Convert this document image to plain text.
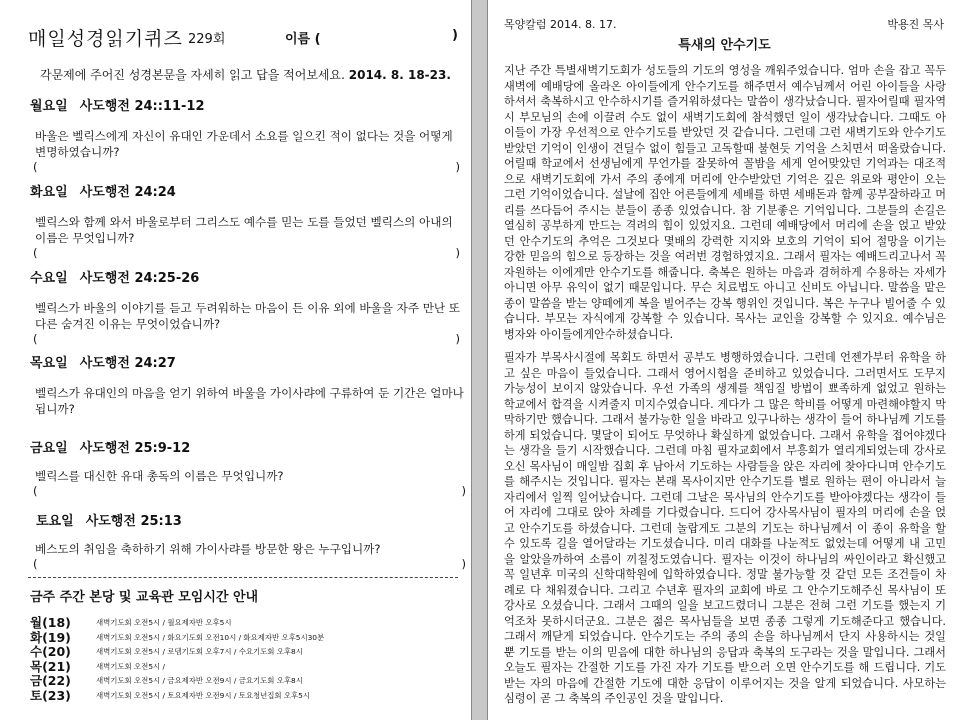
매일성경읽기퀴즈 229회	이름 (	)
각문제에 주어진 성경본문을 자세히 읽고 답을 적어보세요. 2014. 8. 18-23.
월요일 사도행전 24::11-12
바울은 벨릭스에게 자신이 유대인 가운데서 소요를 일으킨 적이 없다는 것을 어떻게 변명하였습니까?
(	)
화요일 사도행전 24:24
벨릭스와 함께 와서 바울로부터 그리스도 예수를 믿는 도를 들었던 벨릭스의 아내의 이름은 무엇입니까?
(	)
수요일 사도행전 24:25-26
벨릭스가 바울의 이야기를 듣고 두려워하는 마음이 든 이유 외에 바울을 자주 만난 또 다른 숨겨진 이유는 무엇이었습니까?
(	)
목요일 사도행전 24:27
벨릭스가 유대인의 마음을 얻기 위하여 바울을 가이사랴에 구류하여 둔 기간은 얼마나 됩니까?
금요일 사도행전 25:9-12
벨릭스를 대신한 유대 총독의 이름은 무엇입니까?
(	)
토요일 사도행전 25:13
베스도의 취임을 축하하기 위해 가이사랴를 방문한 왕은 누구입니까?
(	)
금주 주간 본당 및 교육관 모임시간 안내
월(18)	새벽기도회 오전5시 / 월요제자반 오후5시
화(19)	새벽기도회 오전5시 / 화요기도회 오전10시 / 화요제자반 오후5시30분
수(20)	새벽기도회 오전5시 / 로뎀기도회 오후7시 / 수요기도회 오후8시
목(21)	새벽기도회 오전5시 /
금(22)	새벽기도회 오전5시 / 금요제자반 오전9시 / 금요기도회 오후8시
토(23)	새벽기도회 오전5시 / 토요제자반 오전9시 / 토요청년집회 오후5시
목양칼럼 2014. 8. 17.	박용진 목사
특새의 안수기도
지난 주간 특별새벽기도회가 성도들의 기도의 영성을 깨워주었습니다. 엄마 손을 잡고 꼭두새벽에 예배당에 올라온 아이들에게 안수기도를 해주면서 예수님께서 어린 아이들을 사랑하셔서 축복하시고 안수하시기를 즐거워하셨다는 말씀이 생각났습니다. 필자어릴때 필자역시 부모님의 손에 이끌려 수도 없이 새벽기도회에 참석했던 일이 생각났습니다. 그때도 아이들이 가장 우선적으로 안수기도를 받았던 것 같습니다. 그런데 그런 새벽기도와 안수기도받았던 기억이 인생이 견딜수 없이 힘들고 고독할때 불현듯 기억을 스치면서 떠올랐습니다. 어릴때 학교에서 선생님에게 무언가를 잘못하여 꼴밤을 세게 얻어맞았던 기억과는 대조적으로 새벽기도회에 가서 주의 종에게 머리에 안수받았던 기억은 깊은 위로와 평안이 오는 그런 기억이었습니다. 설날에 집안 어른들에게 세배를 하면 세배돈과 함께 공부잘하라고 머리를 쓰다듬어 주시는 분들이 종종 있었습니다. 참 기분좋은 기억입니다. 그분들의 손길은 열심히 공부하게 만드는 격려의 힘이 있었지요. 그런데 예배당에서 머리에 손을 얹고 받았던 안수기도의 추억은 그것보다 몇배의 강력한 지지와 보호의 기억이 되어 절망을 이기는 강한 믿음의 힘으로 등장하는 것을 여러번 경험하였지요. 그래서 필자는 예배드리고나서 꼭 자원하는 이에게만 안수기도를 해줍니다. 축복은 원하는 마음과 겸허하게 수용하는 자세가 아니면 아무 유익이 없기 때문입니다. 무슨 치료법도 아니고 신비도 아닙니다. 말씀을 맡은 종이 말씀을 받는 양떼에게 복을 빌어주는 강복 행위인 것입니다. 복은 누구나 빌어줄 수 있습니다. 부모는 자식에게 강복할 수 있습니다. 목사는 교인을 강복할 수 있지요. 예수님은 병자와 아이들에게안수하셨습니다.
필자가 부목사시절에 목회도 하면서 공부도 병행하였습니다. 그런데 언젠가부터 유학을 하고 싶은 마음이 들었습니다. 그래서 영어시험을 준비하고 있었습니다. 그러면서도 도무지 가능성이 보이지 않았습니다. 우선 가족의 생계를 책임질 방법이 뾰족하게 없었고 원하는 학교에서 합격을 시켜줄지 미지수였습니다. 게다가 그 많은 학비를 어떻게 마련해야할지 막막하기만 했습니다. 그래서 불가능한 일을 바라고 있구나하는 생각이 들어 하나님께 기도를 하게 되었습니다. 몇달이 되어도 무엇하나 확실하게 없었습니다. 그래서 유학을 접어야겠다는 생각을 들기 시작했습니다. 그런데 마침 필자교회에서 부흥회가 열리게되었는데 강사로 오신 목사님이 매일밤 집회 후 남아서 기도하는 사람들을 앉은 자리에 찾아다니며 안수기도를 해주시는 것입니다. 필자는 본래 목사이지만 안수기도를 별로 원하는 편이 아니라서 늘 자리에서 일찍 일어났습니다. 그런데 그날은 목사님의 안수기도를 받아야겠다는 생각이 들어 자리에 그대로 앉아 차례를 기다렸습니다. 드디어 강사목사님이 필자의 머리에 손을 얹고 안수기도를 하셨습니다. 그런데 놀랍게도 그분의 기도는 하나님께서 이 종이 유학을 할 수 있도록 길을 열어달라는 기도셨습니다. 미리 대화를 나눈적도 없었는데 어떻게 내 고민을 알았을까하여 소름이 끼칠정도였습니다. 필자는 이것이 하나님의 싸인이라고 확신했고 꼭 일년후 미국의 신학대학원에 입학하였습니다. 정말 불가능할 것 같던 모든 조건들이 차례로 다 채워졌습니다. 그리고 수년후 필자의 교회에 바로 그 안수기도해주신 목사님이 또 강사로 오셨습니다. 그래서 그때의 일을 보고드렸더니 그분은 전혀 그런 기도를 했는지 기억조차 못하시더군요. 그분은 젊은 목사님들을 보면 종종 그렇게 기도해준다고 했습니다. 그래서 깨닫게 되었습니다. 안수기도는 주의 종의 손을 하나님께서 단지 사용하시는 것일 뿐 기도를 받는 이의 믿음에 대한 하나님의 응답과 축복의 도구라는 것을 말입니다. 그래서 오늘도 필자는 간절한 기도를 가진 자가 기도를 받으러 오면 안수기도를 해 드립니다. 기도받는 자의 마음에 간절한 기도에 대한 응답이 이루어지는 것을 알게 되었습니다. 사모하는 심령이 곧 그 축복의 주인공인 것을 말입니다.
